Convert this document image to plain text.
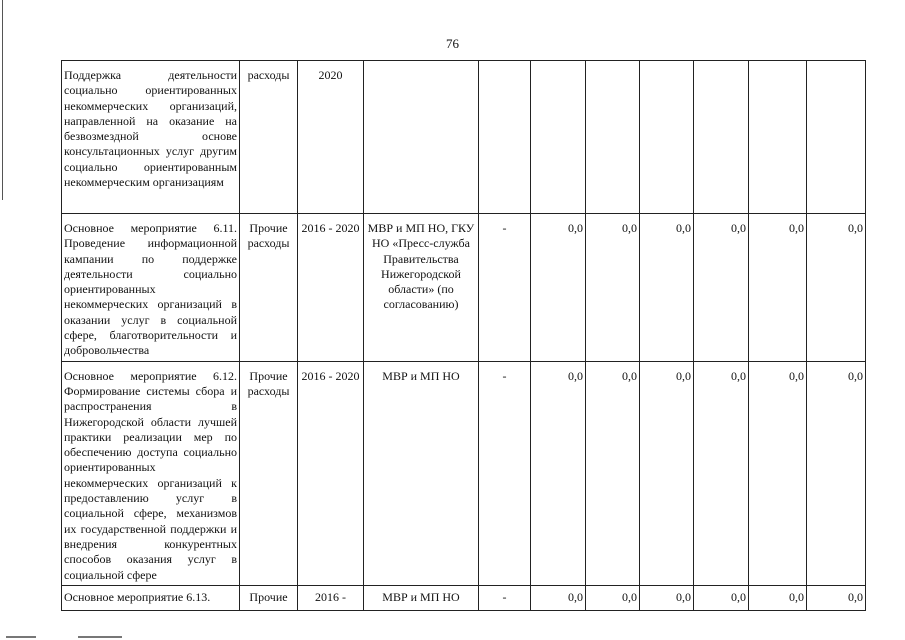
76
Поддержка деятельности социально ориентированных некоммерческих организаций, направленной на оказание на безвозмездной основе консультационных услуг другим социально ориентированным некоммерческим организациям	расходы	2020								
Основное мероприятие 6.11. Проведение информационной кампании по поддержке деятельности социально ориентированных некоммерческих организаций в оказании услуг в социальной сфере, благотворительности и добровольчества	Прочие расходы	2016 - 2020	МВР и МП НО, ГКУ НО «Пресс-служба Правительства Нижегородской области» (по согласованию)	-	0,0	0,0	0,0	0,0	0,0	0,0
Основное мероприятие 6.12. Формирование системы сбора и распространения в Нижегородской области лучшей практики реализации мер по обеспечению доступа социально ориентированных некоммерческих организаций к предоставлению услуг в социальной сфере, механизмов их государственной поддержки и внедрения конкурентных способов оказания услуг в социальной сфере	Прочие расходы	2016 - 2020	МВР и МП НО	-	0,0	0,0	0,0	0,0	0,0	0,0
Основное мероприятие 6.13.	Прочие	2016 -	МВР и МП НО	-	0,0	0,0	0,0	0,0	0,0	0,0
